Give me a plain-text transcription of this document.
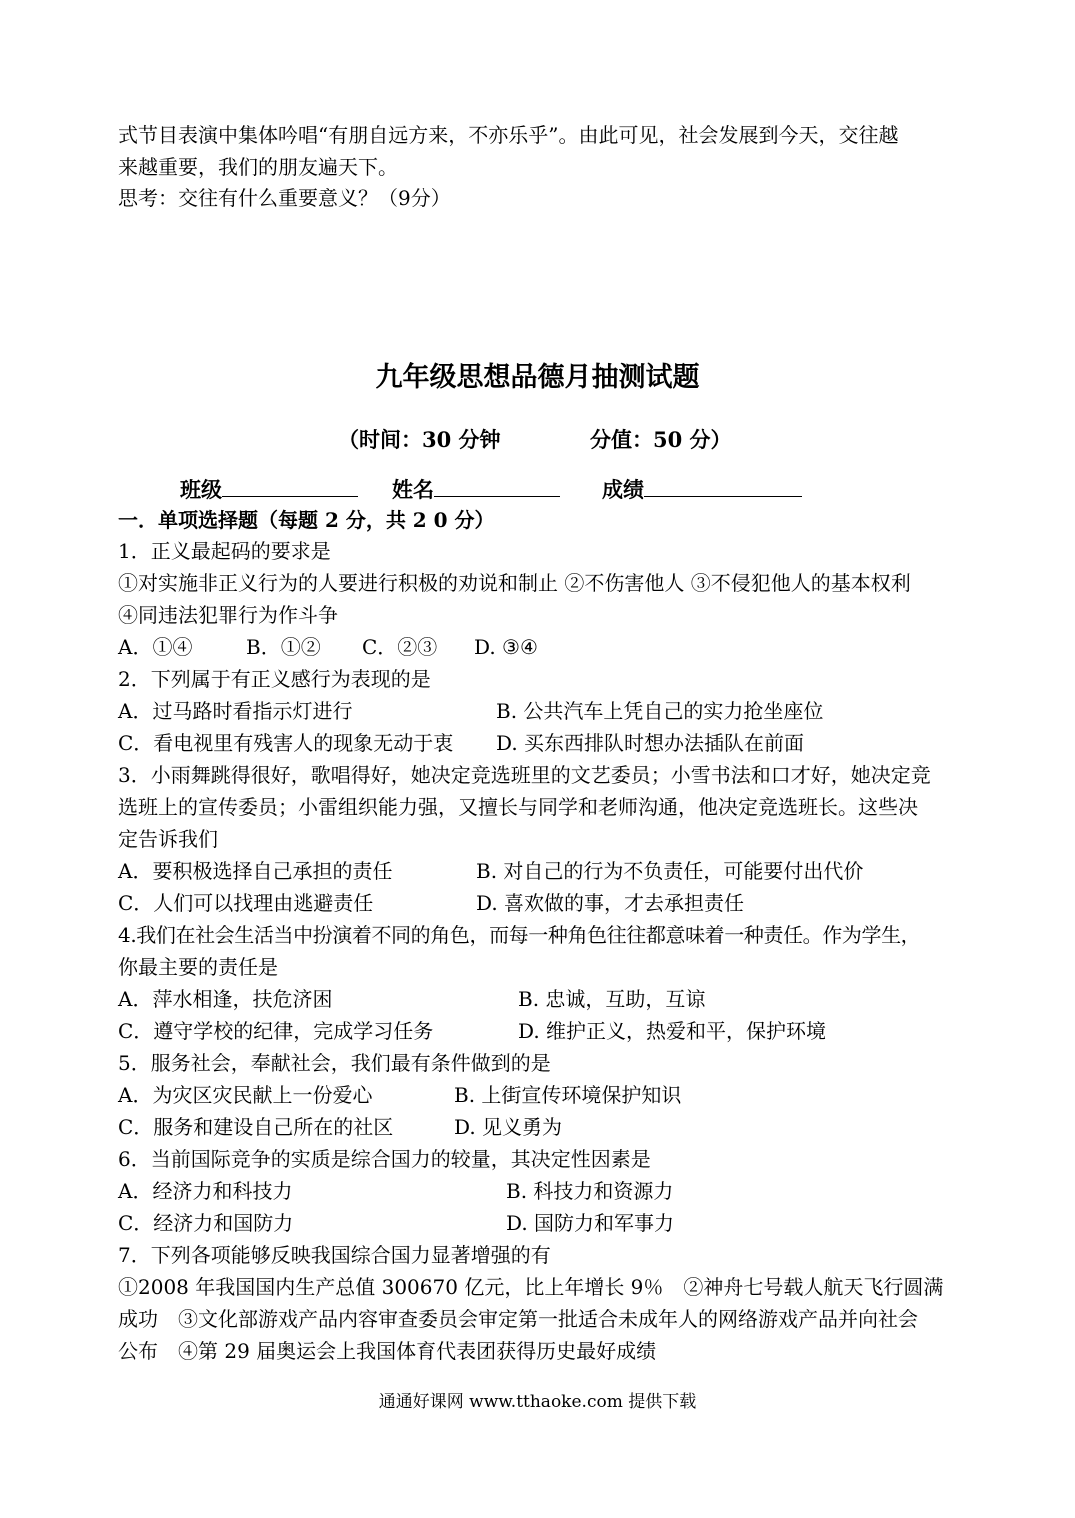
式节目表演中集体吟唱“有朋自远方来，不亦乐乎”。由此可见，社会发展到今天，交往越
来越重要，我们的朋友遍天下。
思考：交往有什么重要意义？（9分）
九年级思想品德月抽测试题
（时间：30 分钟	分值：50 分）
班级	姓名	成绩
一．单项选择题（每题 2 分，共 2 0 分）
1．正义最起码的要求是
①对实施非正义行为的人要进行积极的劝说和制止 ②不伤害他人 ③不侵犯他人的基本权利
④同违法犯罪行为作斗争
A．①④	B．①② C．②③ D. ③④
2．下列属于有正义感行为表现的是
A．过马路时看指示灯进行	B. 公共汽车上凭自己的实力抢坐座位
C．看电视里有残害人的现象无动于衷 D. 买东西排队时想办法插队在前面
3．小雨舞跳得很好，歌唱得好，她决定竞选班里的文艺委员；小雪书法和口才好，她决定竞
选班上的宣传委员；小雷组织能力强，又擅长与同学和老师沟通，他决定竞选班长。这些决
定告诉我们
A．要积极选择自己承担的责任	B. 对自己的行为不负责任，可能要付出代价
C．人们可以找理由逃避责任	D. 喜欢做的事，才去承担责任
4.我们在社会生活当中扮演着不同的角色，而每一种角色往往都意味着一种责任。作为学生，
你最主要的责任是
A．萍水相逢，扶危济困	B. 忠诚，互助，互谅
C．遵守学校的纪律，完成学习任务	D. 维护正义，热爱和平，保护环境
5．服务社会，奉献社会，我们最有条件做到的是
A．为灾区灾民献上一份爱心	B. 上街宣传环境保护知识
C．服务和建设自己所在的社区	D. 见义勇为
6．当前国际竞争的实质是综合国力的较量，其决定性因素是
A．经济力和科技力	B. 科技力和资源力
C．经济力和国防力	D. 国防力和军事力
7．下列各项能够反映我国综合国力显著增强的有
①2008 年我国国内生产总值 300670 亿元，比上年增长 9％　②神舟七号载人航天飞行圆满
成功　③文化部游戏产品内容审查委员会审定第一批适合未成年人的网络游戏产品并向社会
公布　④第 29 届奥运会上我国体育代表团获得历史最好成绩
通通好课网 www.tthaoke.com 提供下载
